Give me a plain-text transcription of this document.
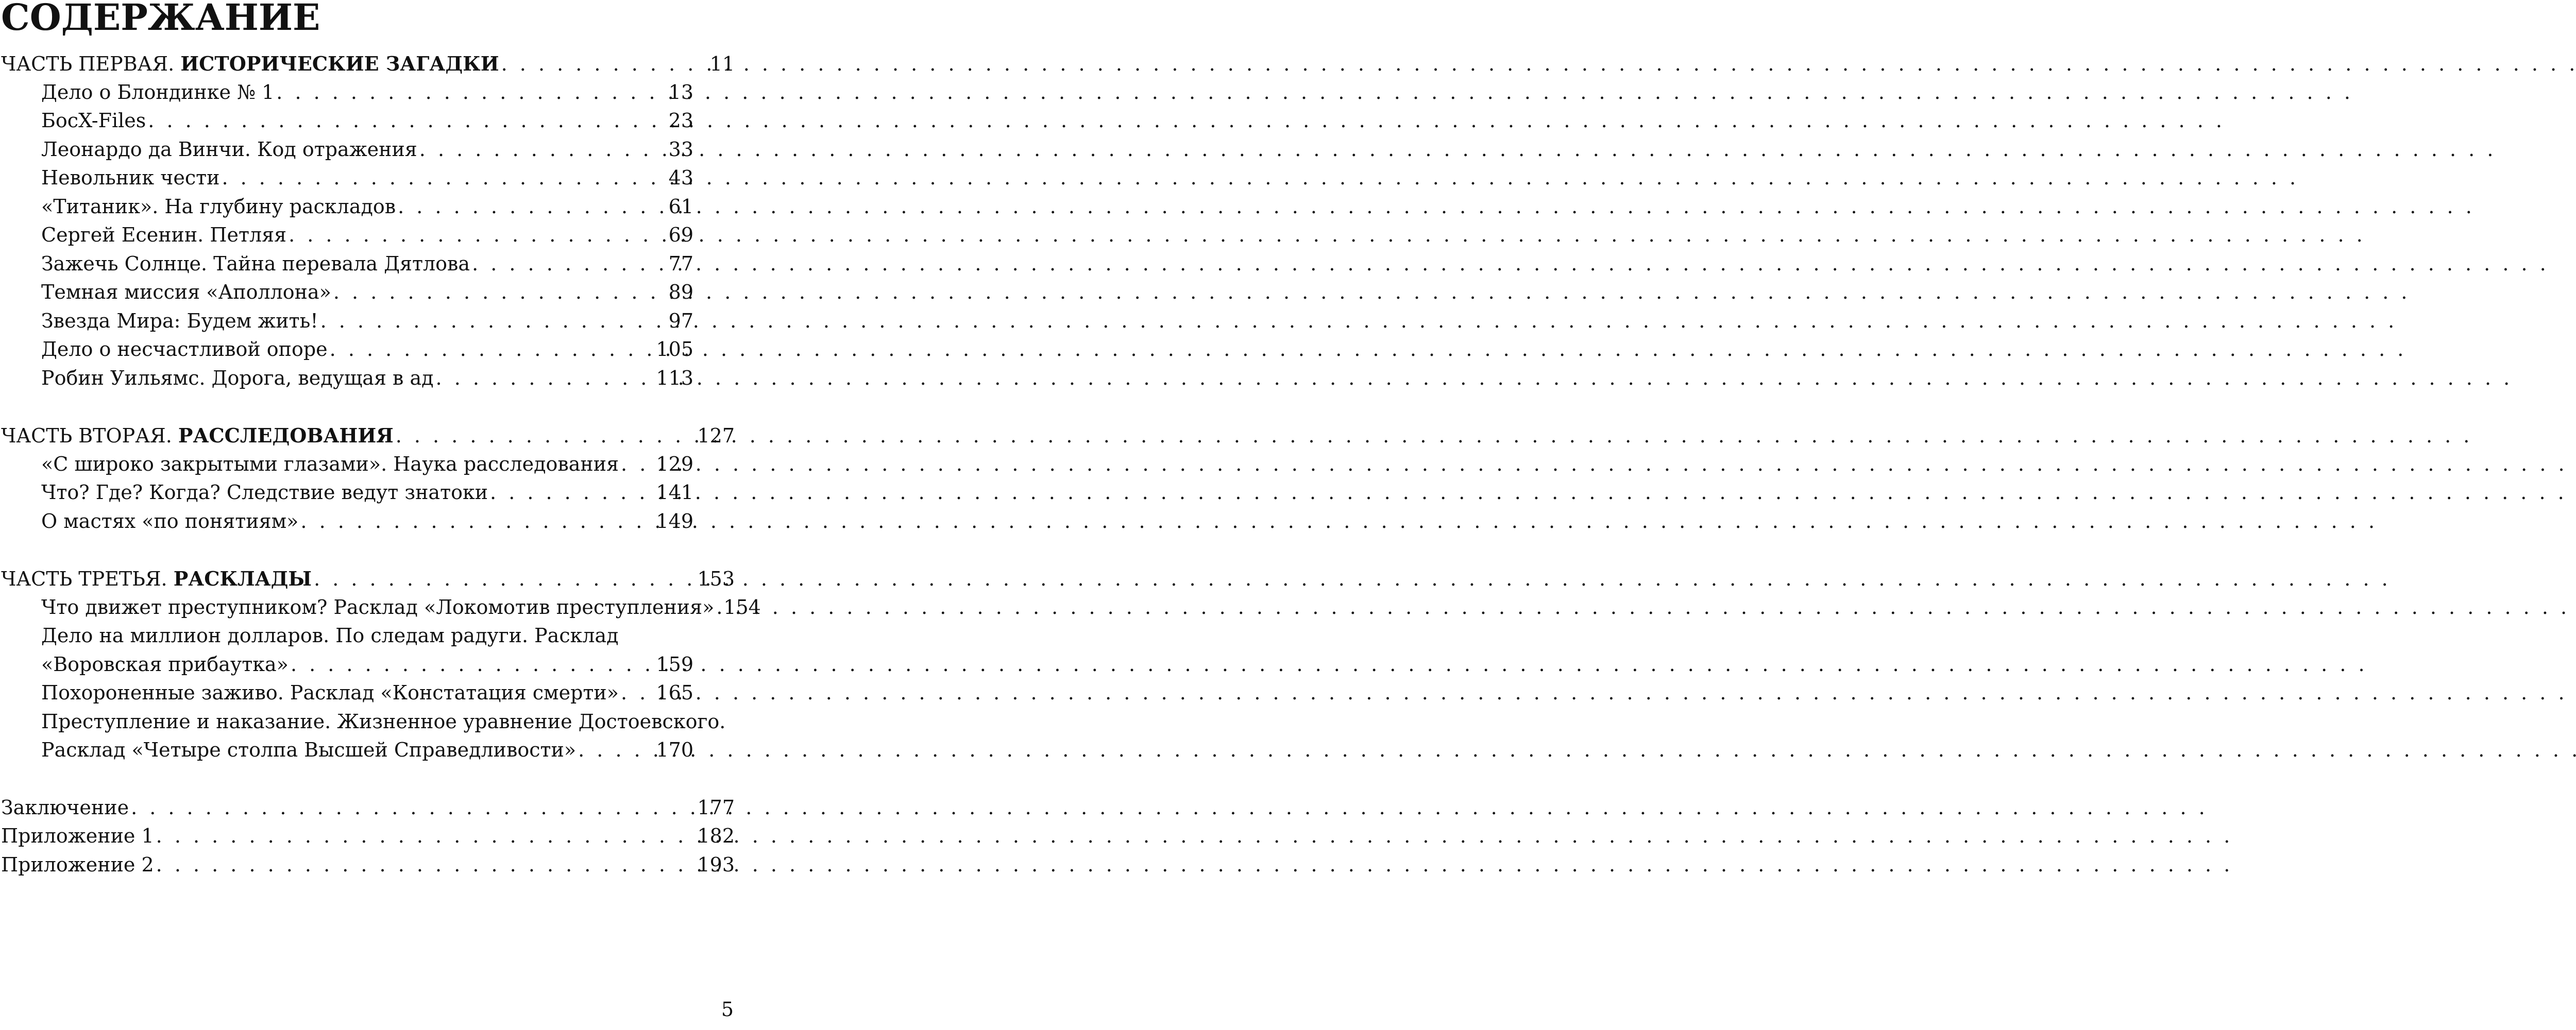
СОДЕРЖАНИЕ
ЧАСТЬ ПЕРВАЯ. ИСТОРИЧЕСКИЕ ЗАГАДКИ . . .	11
Дело о Блондинке № 1 . . .	13
БосX-Files . . .	23
Леонардо да Винчи. Код отражения . . .	33
Невольник чести . . .	43
«Титаник». На глубину раскладов . . .	61
Сергей Есенин. Петляя . . .	69
Зажечь Солнце. Тайна перевала Дятлова . . .	77
Темная миссия «Аполлона» . . .	89
Звезда Мира: Будем жить! . . .	97
Дело о несчастливой опоре . . .	105
Робин Уильямс. Дорога, ведущая в ад . . .	113
ЧАСТЬ ВТОРАЯ. РАССЛЕДОВАНИЯ . . .	127
«С широко закрытыми глазами». Наука расследования . . . 129
Что? Где? Когда? Следствие ведут знатоки . . .	141
О мастях «по понятиям» . . .	149
ЧАСТЬ ТРЕТЬЯ. РАСКЛАДЫ . . .	153
Что движет преступником? Расклад «Локомотив преступления» . . . 154
Дело на миллион долларов. По следам радуги. Расклад
«Воровская прибаутка» . . .	159
Похороненные заживо. Расклад «Констатация смерти» . . . 165
Преступление и наказание. Жизненное уравнение Достоевского.
Расклад «Четыре столпа Высшей Справедливости» . . .	170
Заключение . . .	177
Приложение 1 . . .	182
Приложение 2 . . .	193
5
